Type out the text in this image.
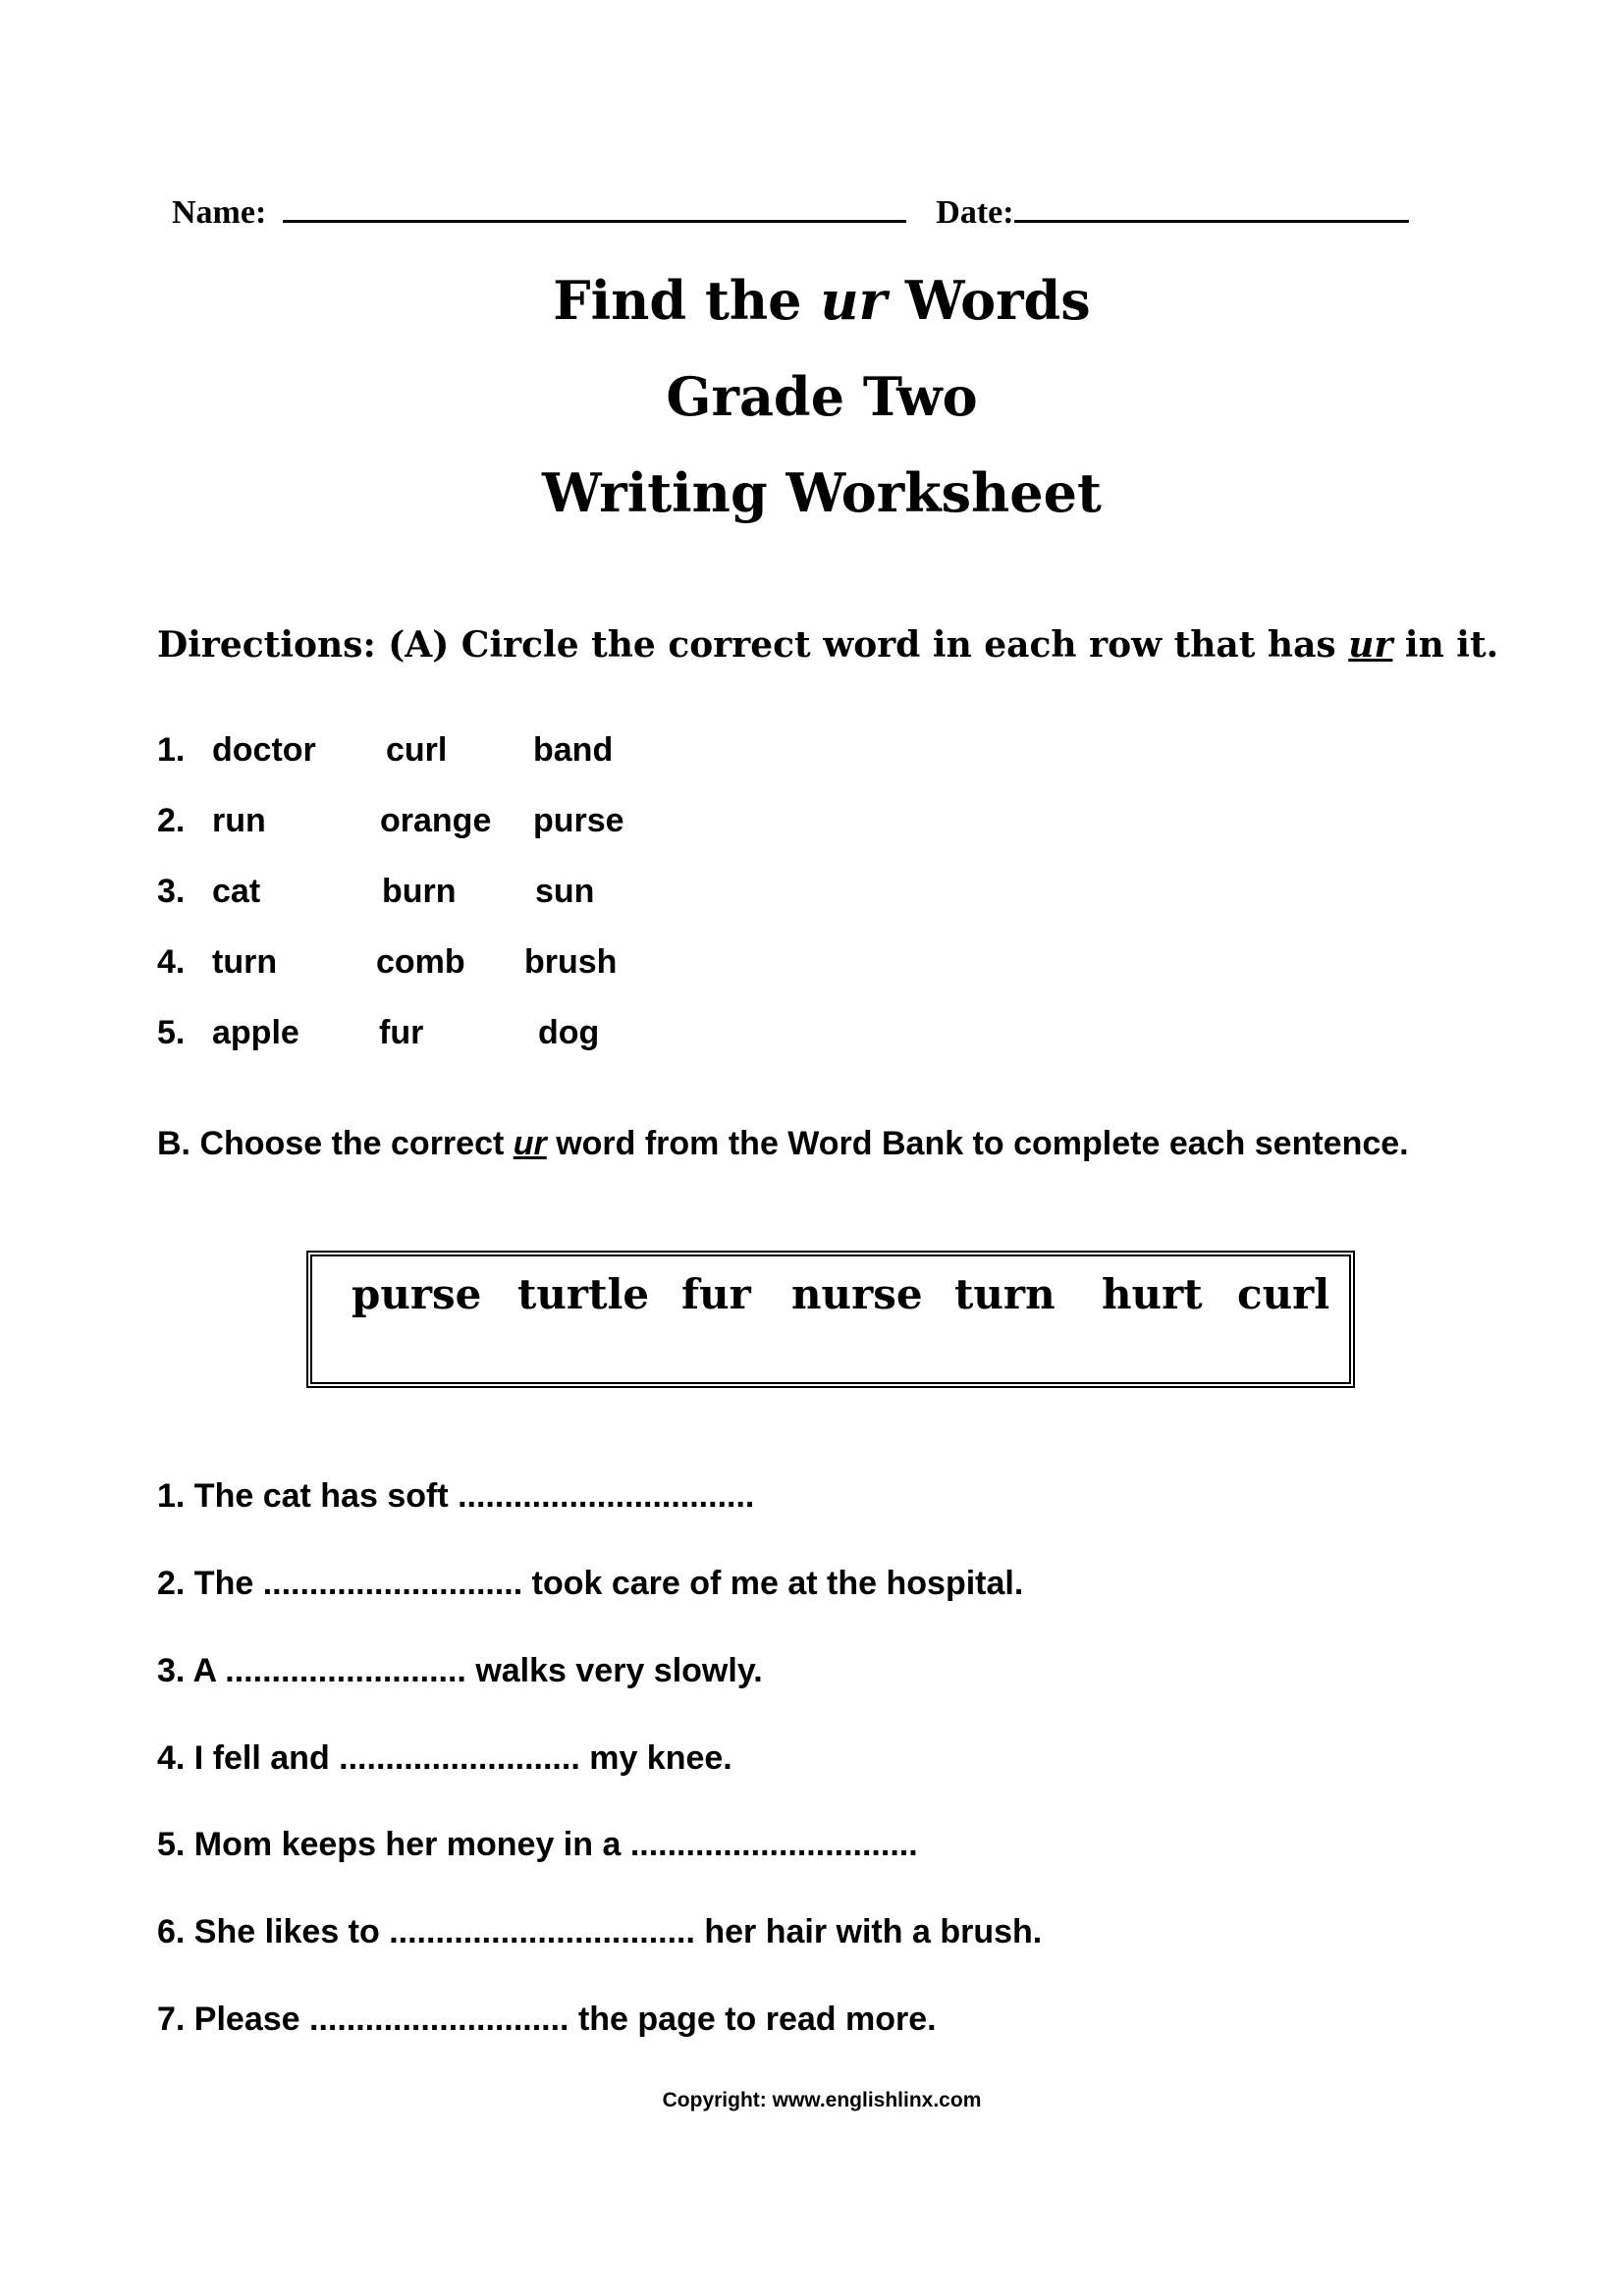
Name:	Date:
Find the ur Words
Grade Two
Writing Worksheet
Directions: (A) Circle the correct word in each row that has ur in it.
1. doctor curl	band
2. run	orange purse
3. cat	burn sun
4. turn	comb brush
5. apple fur	dog
B. Choose the correct ur word from the Word Bank to complete each sentence.
purse turtle fur nurse turn hurt curl
1. The cat has soft ................................
2. The ............................ took care of me at the hospital.
3. A .......................... walks very slowly.
4. I fell and .......................... my knee.
5. Mom keeps her money in a ...............................
6. She likes to ................................. her hair with a brush.
7. Please ............................ the page to read more.
Copyright: www.englishlinx.com
